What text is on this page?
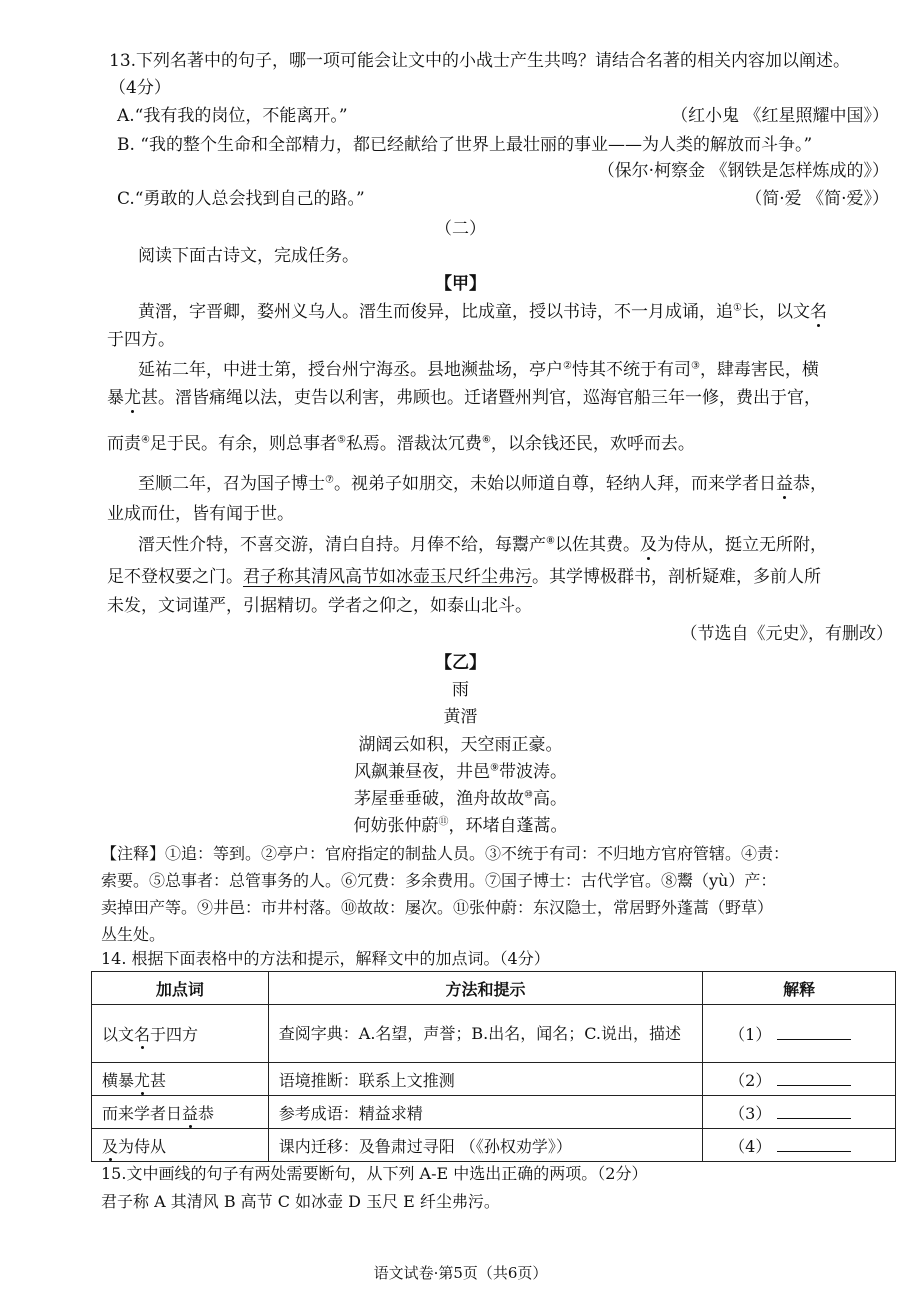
13.下列名著中的句子，哪一项可能会让文中的小战士产生共鸣？请结合名著的相关内容加以阐述。
（4分）
A.“我有我的岗位，不能离开。”	（红小鬼 《红星照耀中国》）
B. “我的整个生命和全部精力，都已经献给了世界上最壮丽的事业——为人类的解放而斗争。”
（保尔·柯察金 《钢铁是怎样炼成的》）
C.“勇敢的人总会找到自己的路。”	（简·爱 《简·爱》）
（二）
阅读下面古诗文，完成任务。
【甲】
黄溍，字晋卿，婺州义乌人。溍生而俊异，比成童，授以书诗，不一月成诵，追①长，以文名
于四方。
延祐二年，中进士第，授台州宁海丞。县地濒盐场，亭户②恃其不统于有司③，肆毒害民，横
暴尤甚。溍皆痛绳以法，吏告以利害，弗顾也。迁诸暨州判官，巡海官船三年一修，费出于官，
而责④足于民。有余，则总事者⑤私焉。溍裁汰冗费⑥，以余钱还民，欢呼而去。
至顺二年，召为国子博士⑦。视弟子如朋交，未始以师道自尊，轻纳人拜，而来学者日益恭，
业成而仕，皆有闻于世。
溍天性介特，不喜交游，清白自持。月俸不给，每鬻产⑧以佐其费。及为侍从，挺立无所附，
足不登权要之门。君子称其清风高节如冰壶玉尺纤尘弗污。其学博极群书，剖析疑难，多前人所
未发，文词谨严，引据精切。学者之仰之，如泰山北斗。
（节选自《元史》，有删改）
【乙】
雨
黄溍
湖阔云如积，天空雨正豪。
风飙兼昼夜，井邑⑨带波涛。
茅屋垂垂破，渔舟故故⑩高。
何妨张仲蔚⑪，环堵自蓬蒿。
【注释】①追：等到。②亭户：官府指定的制盐人员。③不统于有司：不归地方官府管辖。④责：
索要。⑤总事者：总管事务的人。⑥冗费：多余费用。⑦国子博士：古代学官。⑧鬻（yù）产：
卖掉田产等。⑨井邑：市井村落。⑩故故：屡次。⑪张仲蔚：东汉隐士，常居野外蓬蒿（野草）
丛生处。
14. 根据下面表格中的方法和提示，解释文中的加点词。（4分）
加点词	方法和提示	解释
以文名于四方	查阅字典：A.名望，声誉；B.出名，闻名；C.说出，描述	（1）
横暴尤甚	语境推断：联系上文推测	（2）
而来学者日益恭	参考成语：精益求精	（3）
及为侍从	课内迁移：及鲁肃过寻阳 （《孙权劝学》）	（4）
15.文中画线的句子有两处需要断句，从下列 A-E 中选出正确的两项。（2分）
君子称 A 其清风 B 高节 C 如冰壶 D 玉尺 E 纤尘弗污。
语文试卷·第5页（共6页）
